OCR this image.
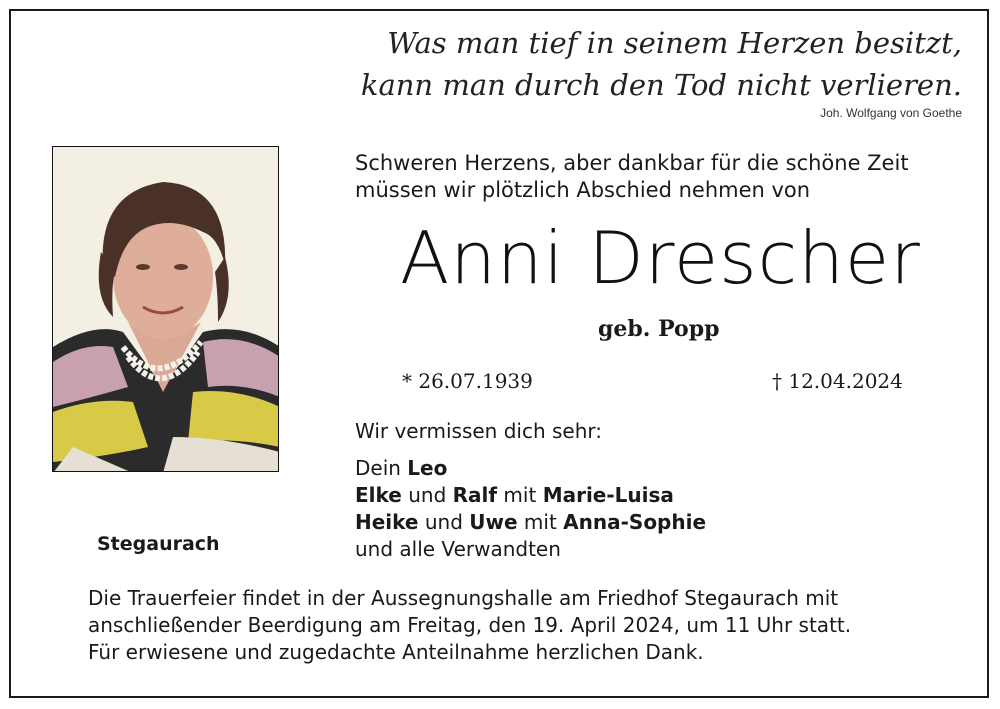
Was man tief in seinem Herzen besitzt,
kann man durch den Tod nicht verlieren.
Joh. Wolfgang von Goethe
Schweren Herzens, aber dankbar für die schöne Zeit
müssen wir plötzlich Abschied nehmen von
Anni Drescher
geb. Popp
* 26.07.1939	† 12.04.2024
Wir vermissen dich sehr:
Dein Leo
Elke und Ralf mit Marie-Luisa
Heike und Uwe mit Anna-Sophie
und alle Verwandten
Stegaurach
Die Trauerfeier findet in der Aussegnungshalle am Friedhof Stegaurach mit
anschließender Beerdigung am Freitag, den 19. April 2024, um 11 Uhr statt.
Für erwiesene und zugedachte Anteilnahme herzlichen Dank.
